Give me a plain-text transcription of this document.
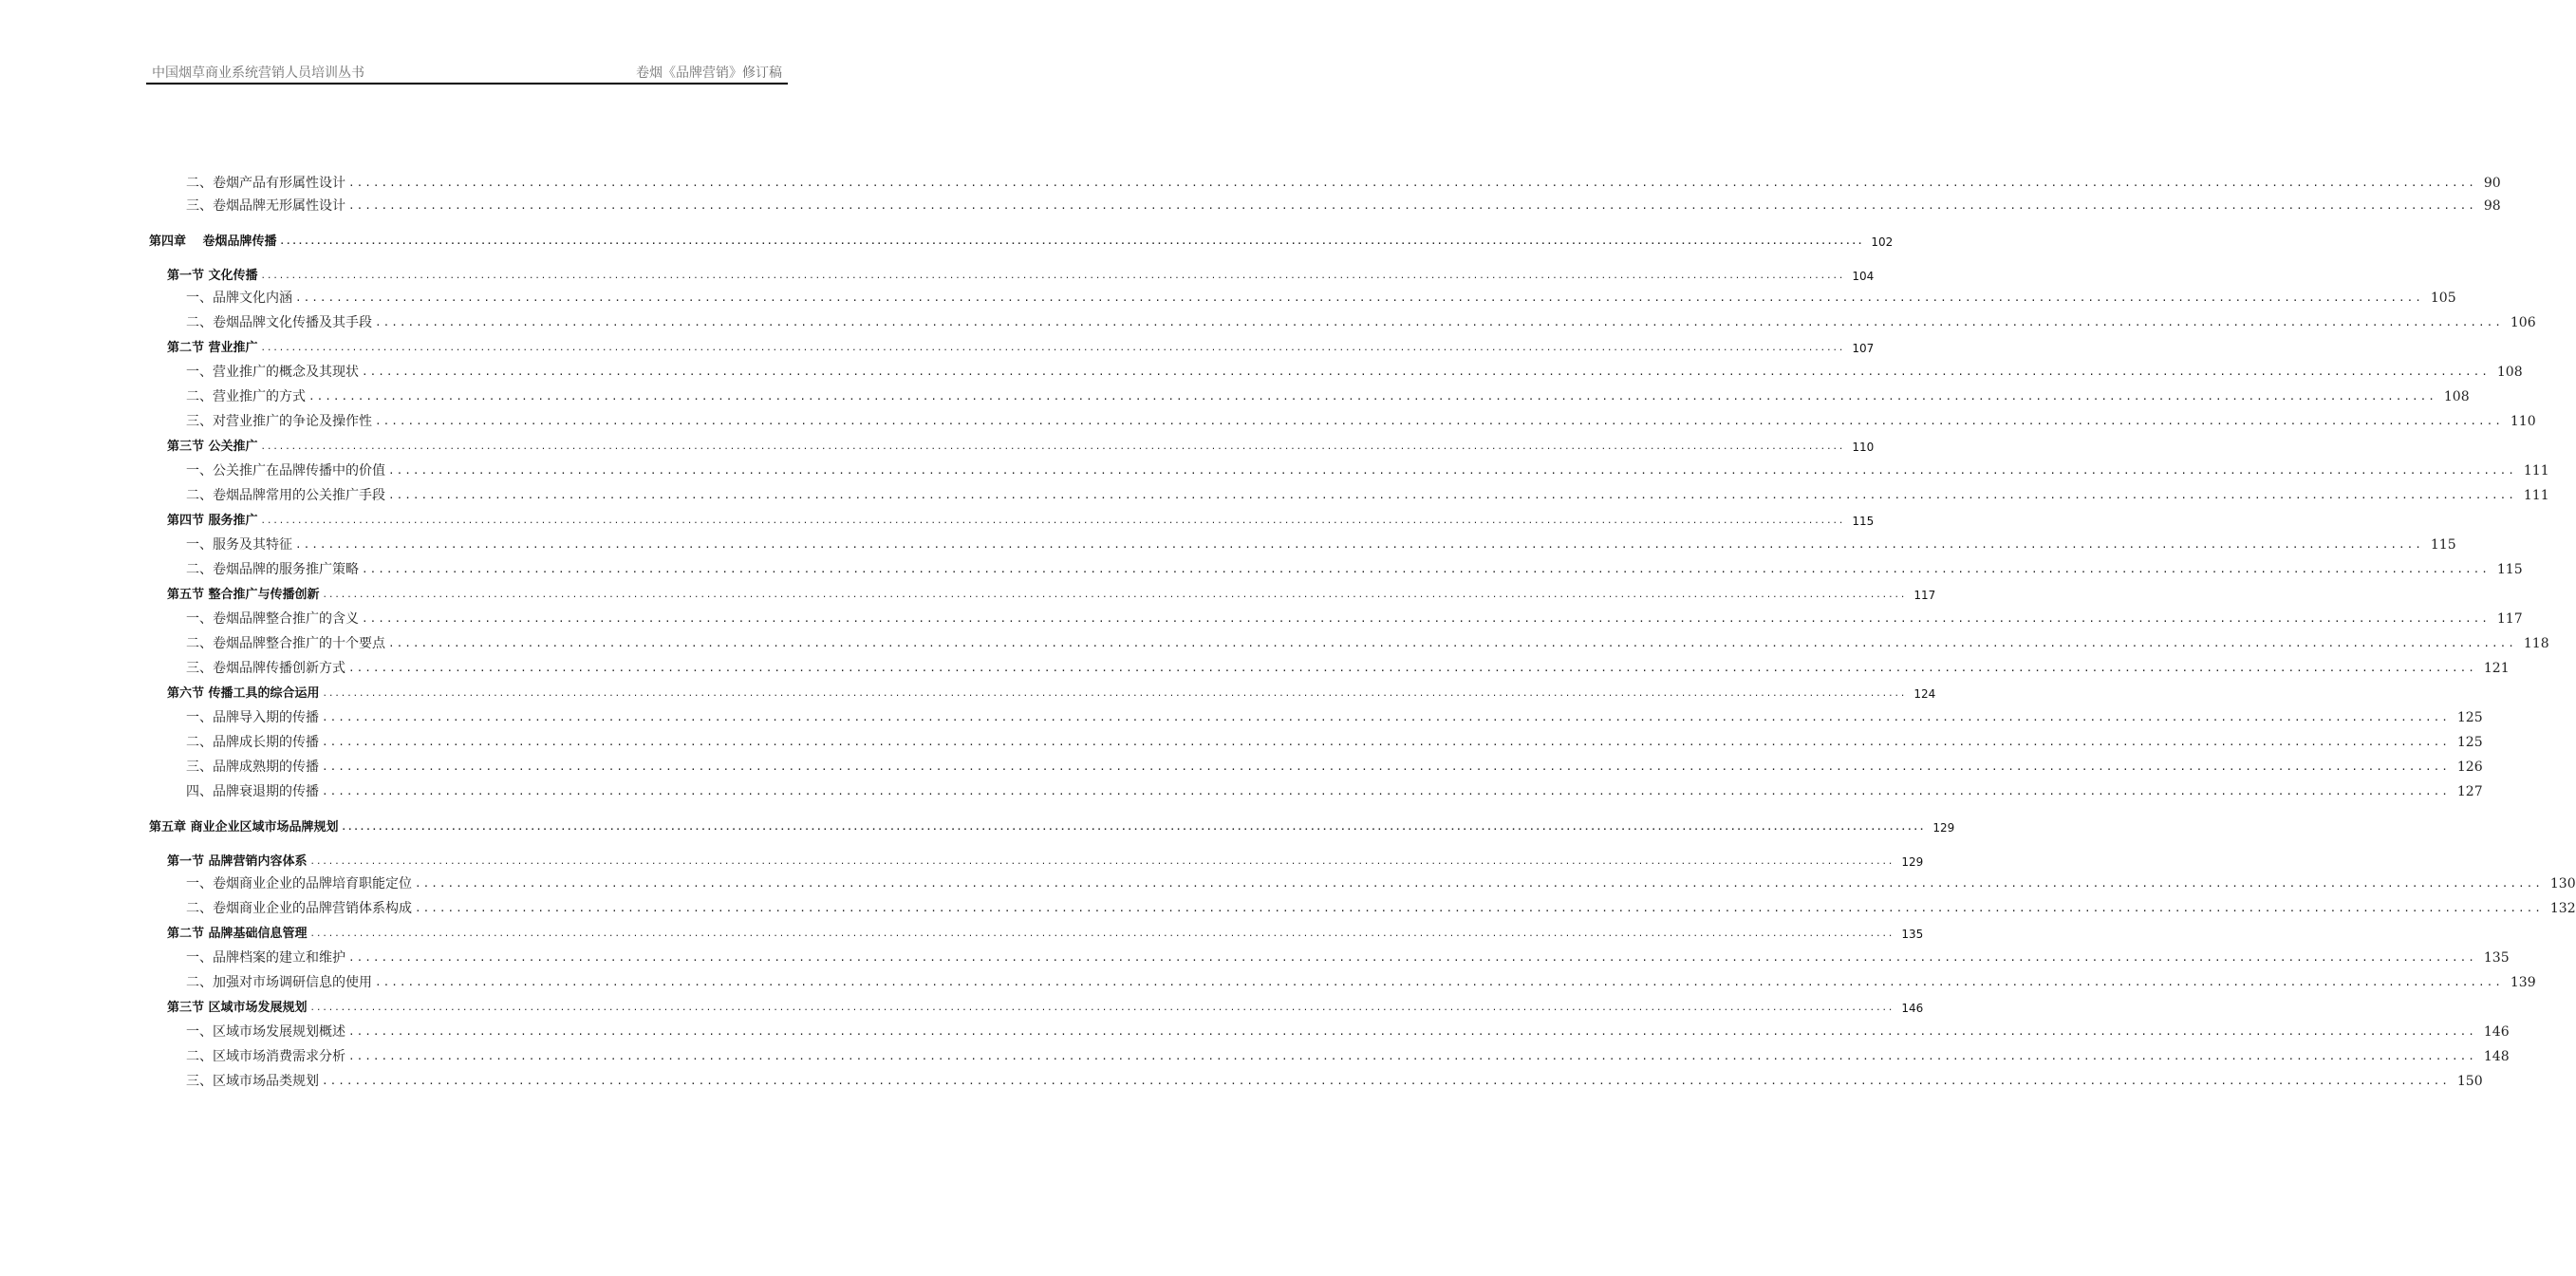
中国烟草商业系统营销人员培训丛书	卷烟《品牌营销》修订稿
二、卷烟产品有形属性设计 .................................................................................................................................................................................................................................................................... 90
三、卷烟品牌无形属性设计 .................................................................................................................................................................................................................................................................... 98
第四章　 卷烟品牌传播 .................................................................................................................................................................................................................................................................... 102
第一节 文化传播 .................................................................................................................................................................................................................................................................... 104
一、品牌文化内涵 .................................................................................................................................................................................................................................................................... 105
二、卷烟品牌文化传播及其手段 .................................................................................................................................................................................................................................................................... 106
第二节 营业推广 .................................................................................................................................................................................................................................................................... 107
一、营业推广的概念及其现状 .................................................................................................................................................................................................................................................................... 108
二、营业推广的方式 .................................................................................................................................................................................................................................................................... 108
三、对营业推广的争论及操作性 .................................................................................................................................................................................................................................................................... 110
第三节 公关推广 .................................................................................................................................................................................................................................................................... 110
一、公关推广在品牌传播中的价值 .................................................................................................................................................................................................................................................................... 111
二、卷烟品牌常用的公关推广手段 .................................................................................................................................................................................................................................................................... 111
第四节 服务推广 .................................................................................................................................................................................................................................................................... 115
一、服务及其特征 .................................................................................................................................................................................................................................................................... 115
二、卷烟品牌的服务推广策略 .................................................................................................................................................................................................................................................................... 115
第五节 整合推广与传播创新 .................................................................................................................................................................................................................................................................... 117
一、卷烟品牌整合推广的含义 .................................................................................................................................................................................................................................................................... 117
二、卷烟品牌整合推广的十个要点 .................................................................................................................................................................................................................................................................... 118
三、卷烟品牌传播创新方式 .................................................................................................................................................................................................................................................................... 121
第六节 传播工具的综合运用 .................................................................................................................................................................................................................................................................... 124
一、品牌导入期的传播 .................................................................................................................................................................................................................................................................... 125
二、品牌成长期的传播 .................................................................................................................................................................................................................................................................... 125
三、品牌成熟期的传播 .................................................................................................................................................................................................................................................................... 126
四、品牌衰退期的传播 .................................................................................................................................................................................................................................................................... 127
第五章 商业企业区域市场品牌规划 .................................................................................................................................................................................................................................................................... 129
第一节 品牌营销内容体系 .................................................................................................................................................................................................................................................................... 129
一、卷烟商业企业的品牌培育职能定位 .................................................................................................................................................................................................................................................................... 130
二、卷烟商业企业的品牌营销体系构成 .................................................................................................................................................................................................................................................................... 132
第二节 品牌基础信息管理 .................................................................................................................................................................................................................................................................... 135
一、品牌档案的建立和维护 .................................................................................................................................................................................................................................................................... 135
二、加强对市场调研信息的使用 .................................................................................................................................................................................................................................................................... 139
第三节 区域市场发展规划 .................................................................................................................................................................................................................................................................... 146
一、区域市场发展规划概述 .................................................................................................................................................................................................................................................................... 146
二、区域市场消费需求分析 .................................................................................................................................................................................................................................................................... 148
三、区域市场品类规划 .................................................................................................................................................................................................................................................................... 150
